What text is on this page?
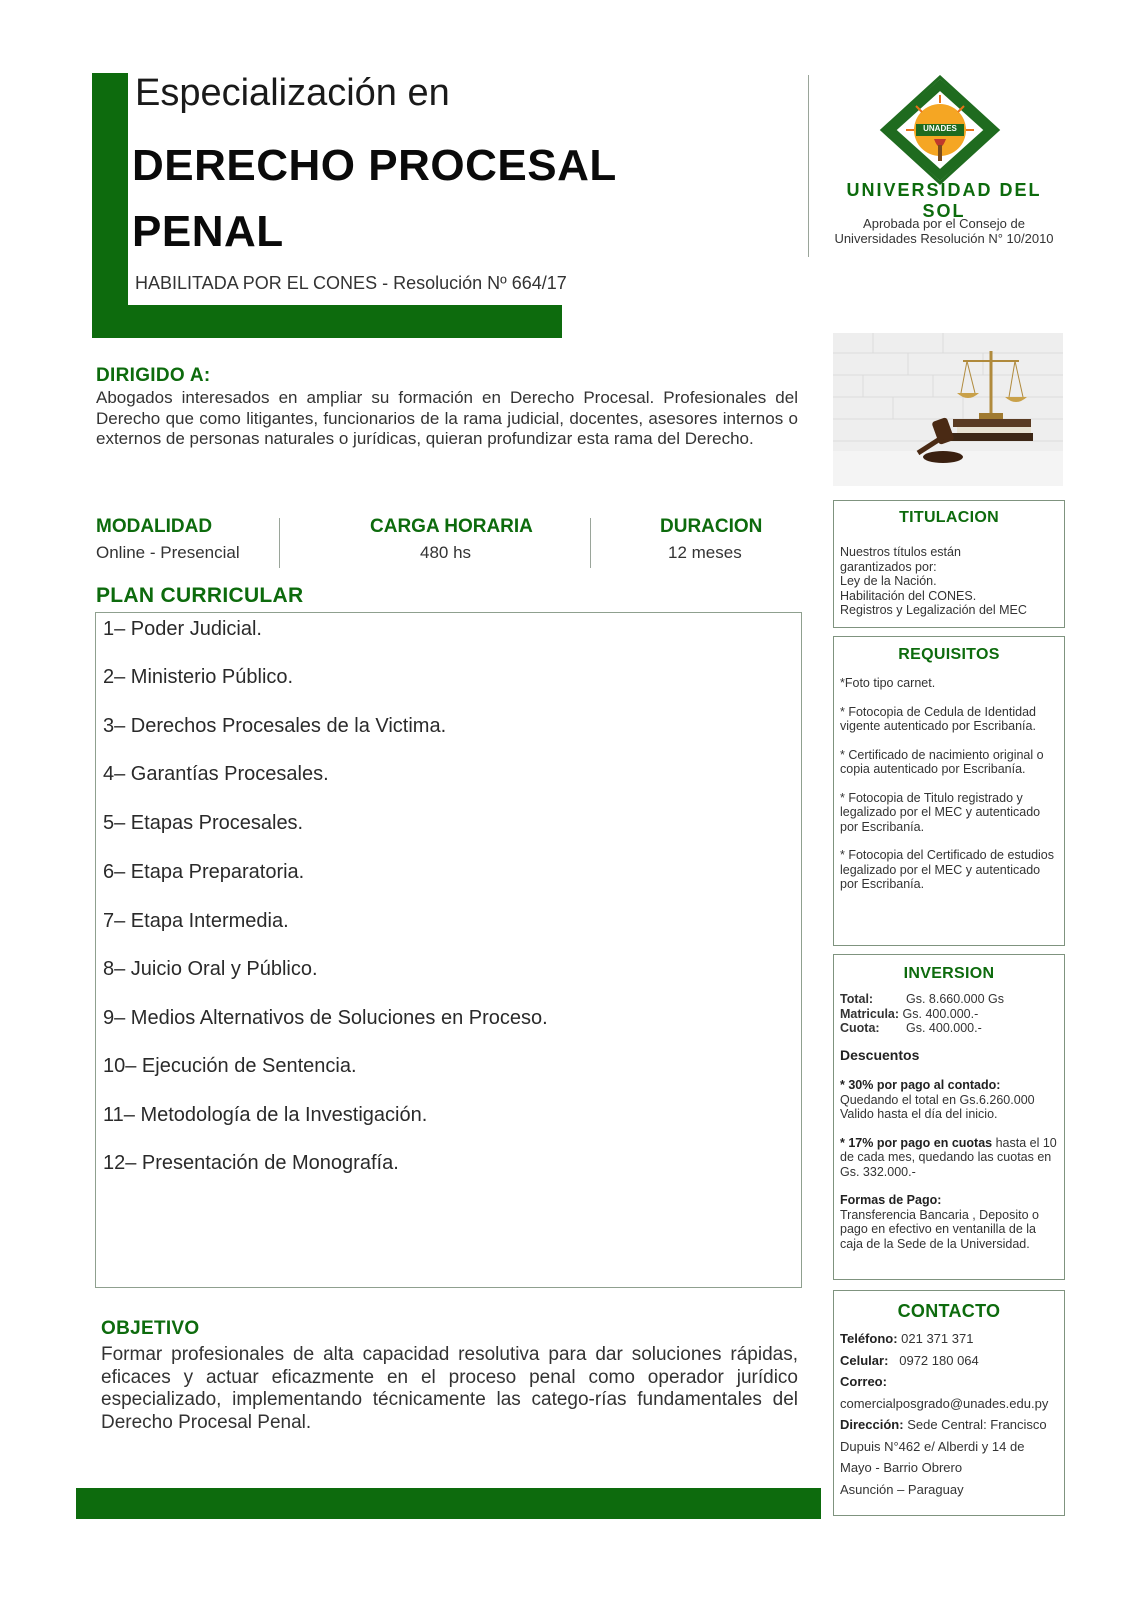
Especialización en
DERECHO PROCESAL
PENAL
HABILITADA POR EL CONES - Resolución Nº 664/17
UNADES
UNIVERSIDAD DEL SOL
Aprobada por el Consejo de
Universidades Resolución N° 10/2010
DIRIGIDO A:
Abogados interesados en ampliar su formación en Derecho Procesal. Profesionales del Derecho que como litigantes, funcionarios de la rama judicial, docentes, asesores internos o externos de personas naturales o jurídicas, quieran profundizar esta rama del Derecho.
MODALIDAD
Online - Presencial
CARGA HORARIA
480 hs
DURACION
12 meses
PLAN CURRICULAR
1– Poder Judicial.
2– Ministerio Público.
3– Derechos Procesales de la Victima.
4– Garantías Procesales.
5– Etapas Procesales.
6– Etapa Preparatoria.
7– Etapa Intermedia.
8– Juicio Oral y Público.
9– Medios Alternativos de Soluciones en Proceso.
10– Ejecución de Sentencia.
11– Metodología de la Investigación.
12– Presentación de Monografía.
OBJETIVO
Formar profesionales de alta capacidad resolutiva para dar soluciones rápidas, eficaces y actuar eficazmente en el proceso penal como operador jurídico especializado, implementando técnicamente las catego-rías fundamentales del Derecho Procesal Penal.
TITULACION
Nuestros títulos están
garantizados por:
Ley de la Nación.
Habilitación del CONES.
Registros y Legalización del MEC
REQUISITOS
*Foto tipo carnet.
* Fotocopia de Cedula de Identidad vigente autenticado por Escribanía.
* Certificado de nacimiento original o copia autenticado por Escribanía.
* Fotocopia de Titulo registrado y legalizado por el MEC y autenticado por Escribanía.
* Fotocopia del Certificado de estudios legalizado por el MEC y autenticado por Escribanía.
INVERSION
Total:	Gs. 8.660.000 Gs
Matricula: Gs. 400.000.-
Cuota: Gs. 400.000.-
Descuentos
* 30% por pago al contado:
Quedando el total en Gs.6.260.000
Valido hasta el día del inicio.
* 17% por pago en cuotas hasta el 10 de cada mes, quedando las cuotas en Gs. 332.000.-
Formas de Pago:
Transferencia Bancaria , Deposito o pago en efectivo en ventanilla de la caja de la Sede de la Universidad.
CONTACTO
Teléfono: 021 371 371
Celular:   0972 180 064
Correo:
comercialposgrado@unades.edu.py
Dirección: Sede Central: Francisco Dupuis N°462 e/ Alberdi y 14 de Mayo - Barrio Obrero
Asunción – Paraguay
